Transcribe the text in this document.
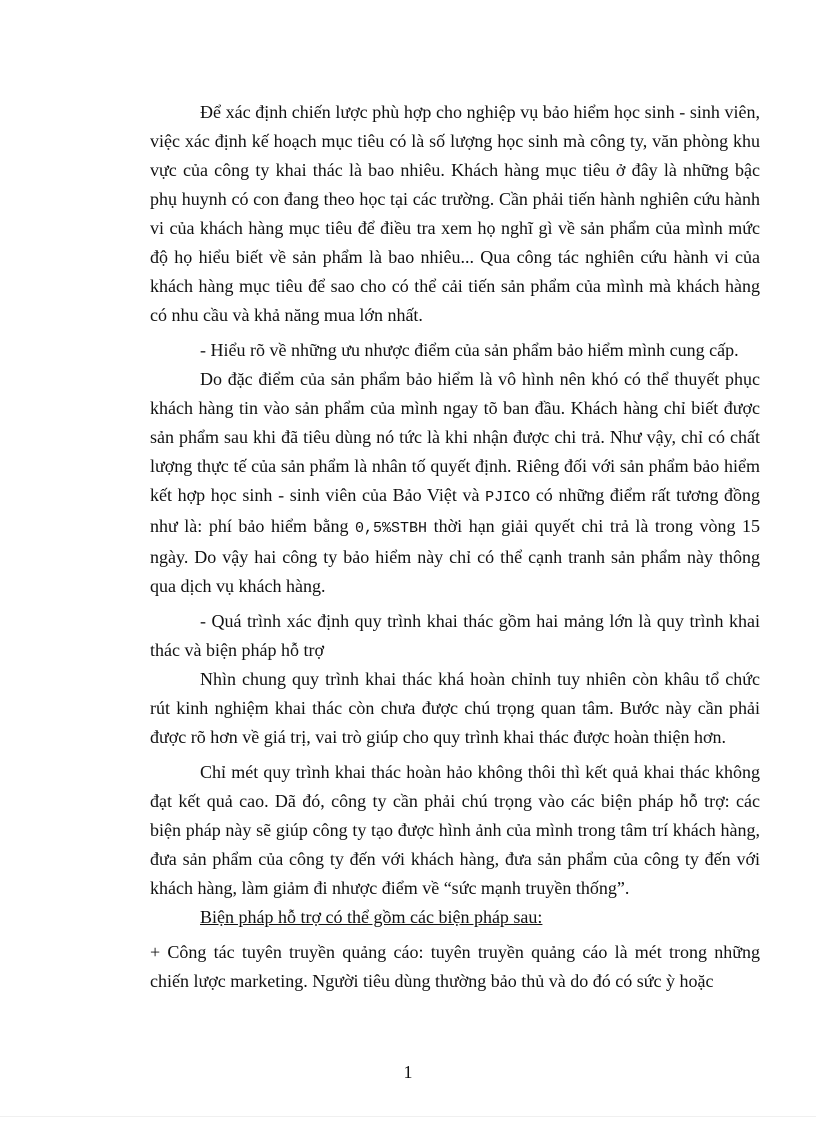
Để xác định chiến lược phù hợp cho nghiệp vụ bảo hiểm học sinh - sinh viên, việc xác định kế hoạch mục tiêu có là số lượng học sinh mà công ty, văn phòng khu vực của công ty khai thác là bao nhiêu. Khách hàng mục tiêu ở đây là những bậc phụ huynh có con đang theo học tại các trường. Cần phải tiến hành nghiên cứu hành vi của khách hàng mục tiêu để điều tra xem họ nghĩ gì về sản phẩm của mình mức độ họ hiểu biết về sản phẩm là bao nhiêu... Qua công tác nghiên cứu hành vi của khách hàng mục tiêu để sao cho có thể cải tiến sản phẩm của mình mà khách hàng có nhu cầu và khả năng mua lớn nhất.

- Hiểu rõ về những ưu nhược điểm của sản phẩm bảo hiểm mình cung cấp.

Do đặc điểm của sản phẩm bảo hiểm là vô hình nên khó có thể thuyết phục khách hàng tin vào sản phẩm của mình ngay tõ ban đầu. Khách hàng chỉ biết được sản phẩm sau khi đã tiêu dùng nó tức là khi nhận được chi trả. Như vậy, chỉ có chất lượng thực tế của sản phẩm là nhân tố quyết định. Riêng đối với sản phẩm bảo hiểm kết hợp học sinh - sinh viên của Bảo Việt và PJICO có những điểm rất tương đồng như là: phí bảo hiểm bằng 0,5%STBH thời hạn giải quyết chi trả là trong vòng 15 ngày. Do vậy hai công ty bảo hiểm này chỉ có thể cạnh tranh sản phẩm này thông qua dịch vụ khách hàng.

- Quá trình xác định quy trình khai thác gồm hai mảng lớn là quy trình khai thác và biện pháp hỗ trợ

Nhìn chung quy trình khai thác khá hoàn chỉnh tuy nhiên còn khâu tổ chức rút kinh nghiệm khai thác còn chưa được chú trọng quan tâm. Bước này cần phải được rõ hơn về giá trị, vai trò giúp cho quy trình khai thác được hoàn thiện hơn.

Chỉ mét quy trình khai thác hoàn hảo không thôi thì kết quả khai thác không đạt kết quả cao. Dã đó, công ty cần phải chú trọng vào các biện pháp hỗ trợ: các biện pháp này sẽ giúp công ty tạo được hình ảnh của mình trong tâm trí khách hàng, đưa sản phẩm của công ty đến với khách hàng, đưa sản phẩm của công ty đến với khách hàng, làm giảm đi nhược điểm về “sức mạnh truyền thống”.

Biện pháp hỗ trợ có thể gồm các biện pháp sau:

+ Công tác tuyên truyền quảng cáo: tuyên truyền quảng cáo là mét trong những chiến lược marketing. Người tiêu dùng thường bảo thủ và do đó có sức ỳ hoặc

1
